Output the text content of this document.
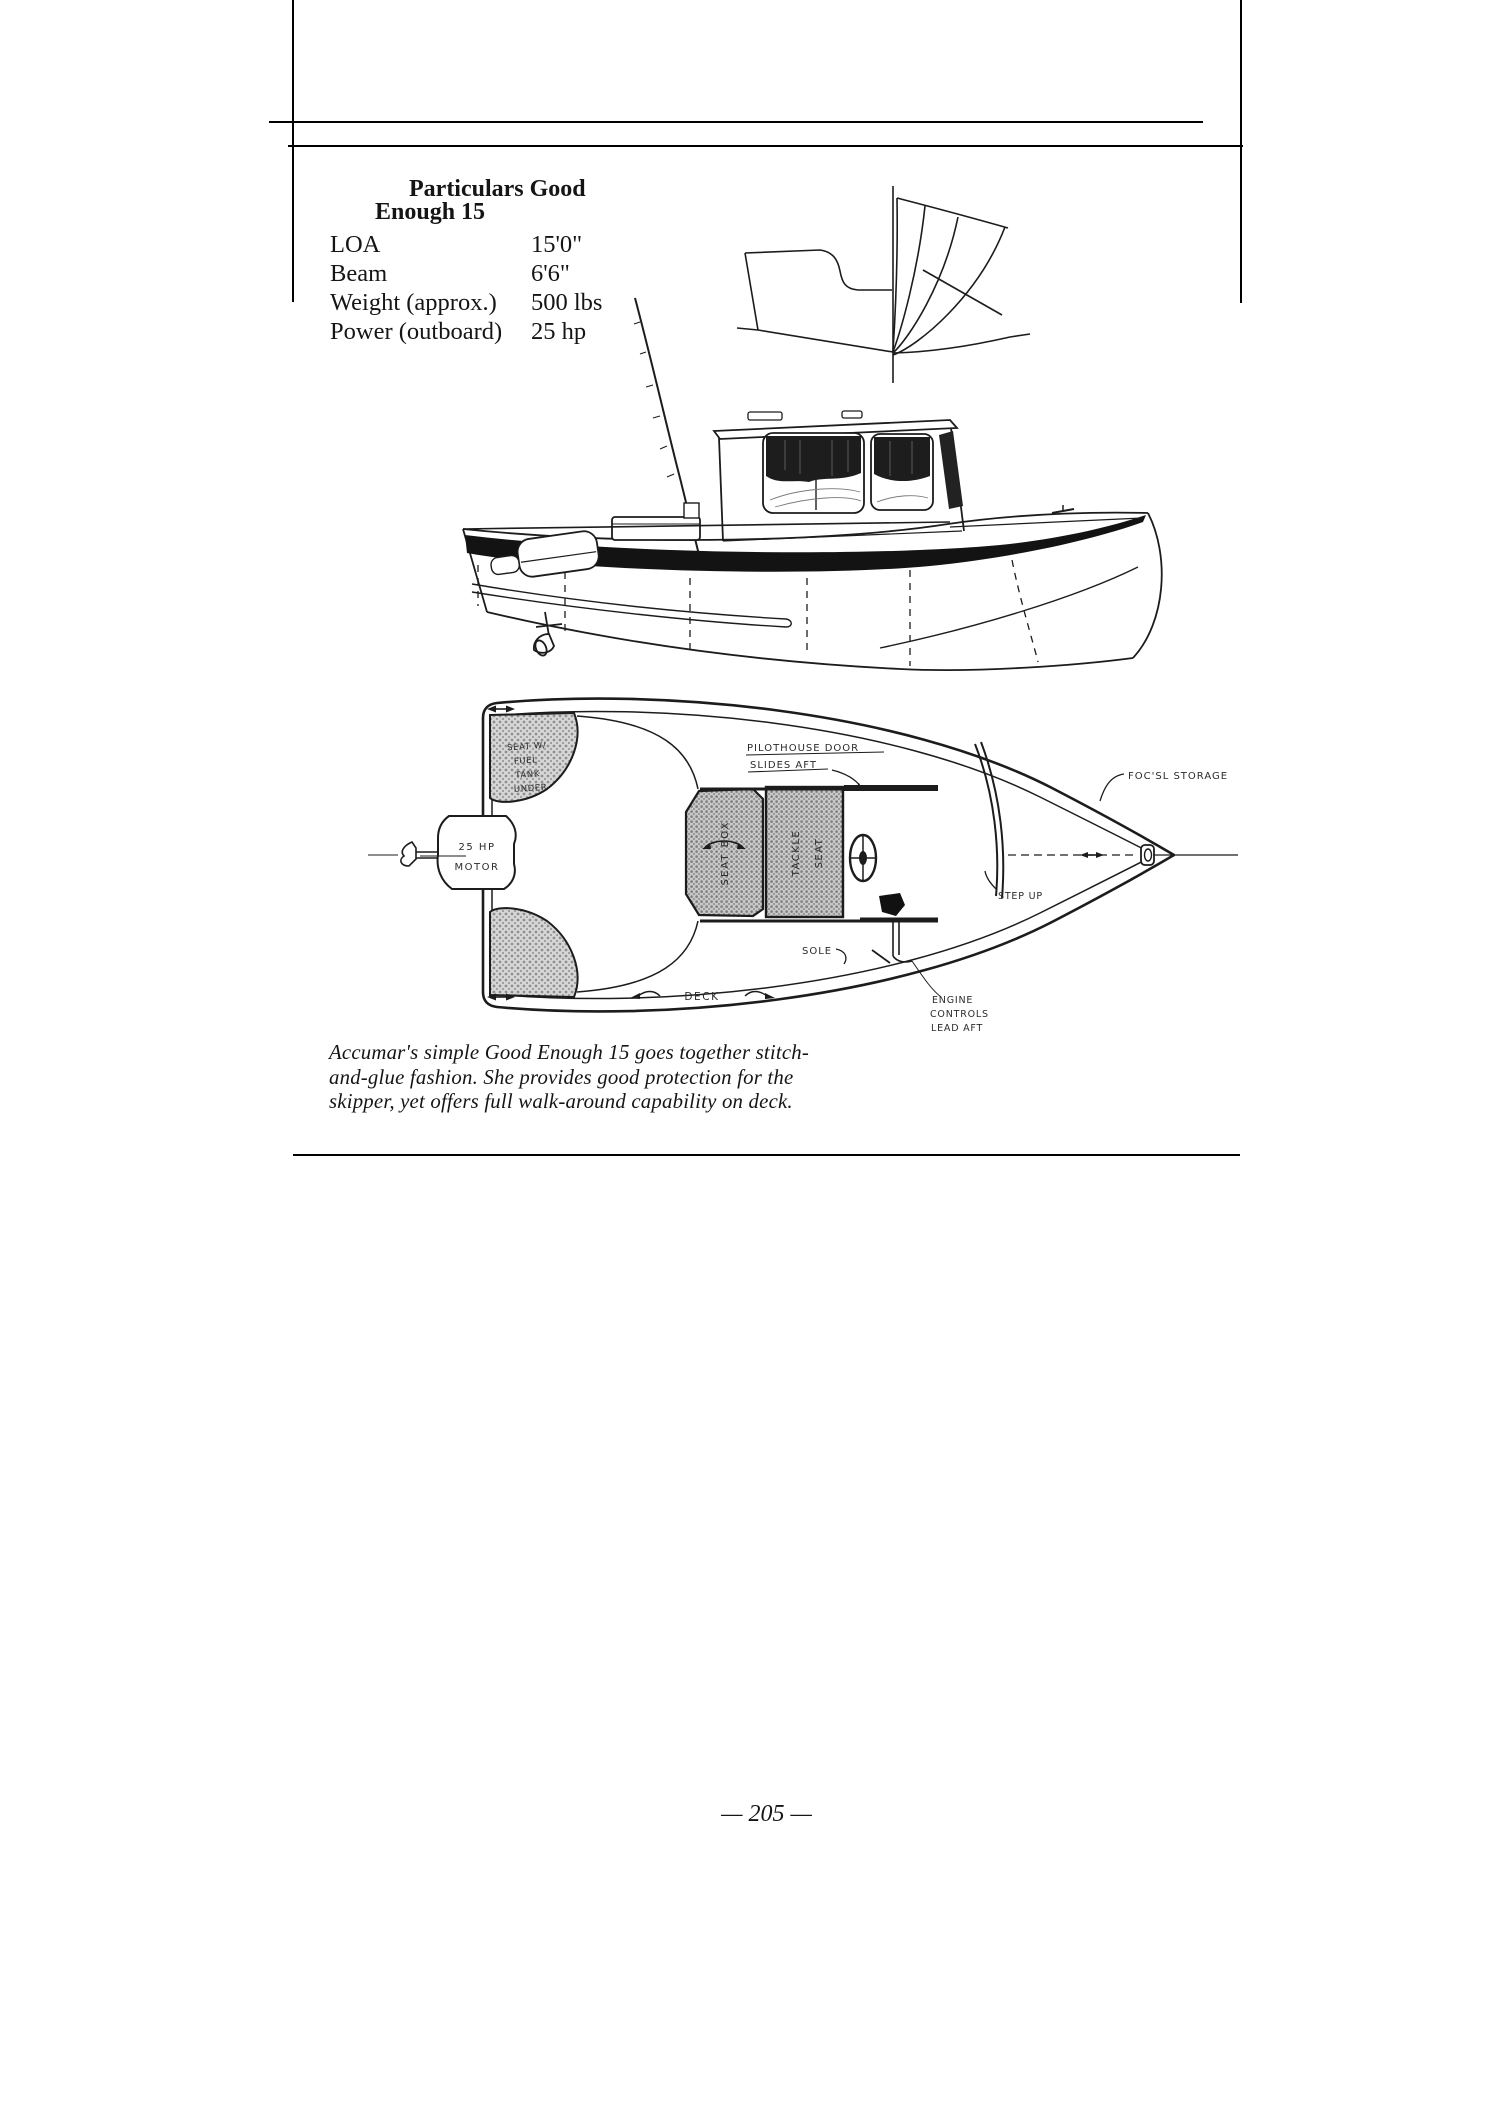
Particulars Good
Enough 15
LOA	15'0"
Beam	6'6"
Weight (approx.)	500 lbs
Power (outboard)	25 hp
SEAT W/
FUEL
TANK
UNDER
25 HP
MOTOR
PILOTHOUSE DOOR
SLIDES AFT
FOC'SL STORAGE
STEP UP
SOLE
DECK	ENGINE
CONTROLS
LEAD AFT
SEAT BOX	TACKLE SEAT
Accumar's simple Good Enough 15 goes together stitch-
and-glue fashion. She provides good protection for the
skipper, yet offers full walk-around capability on deck.
— 205 —
